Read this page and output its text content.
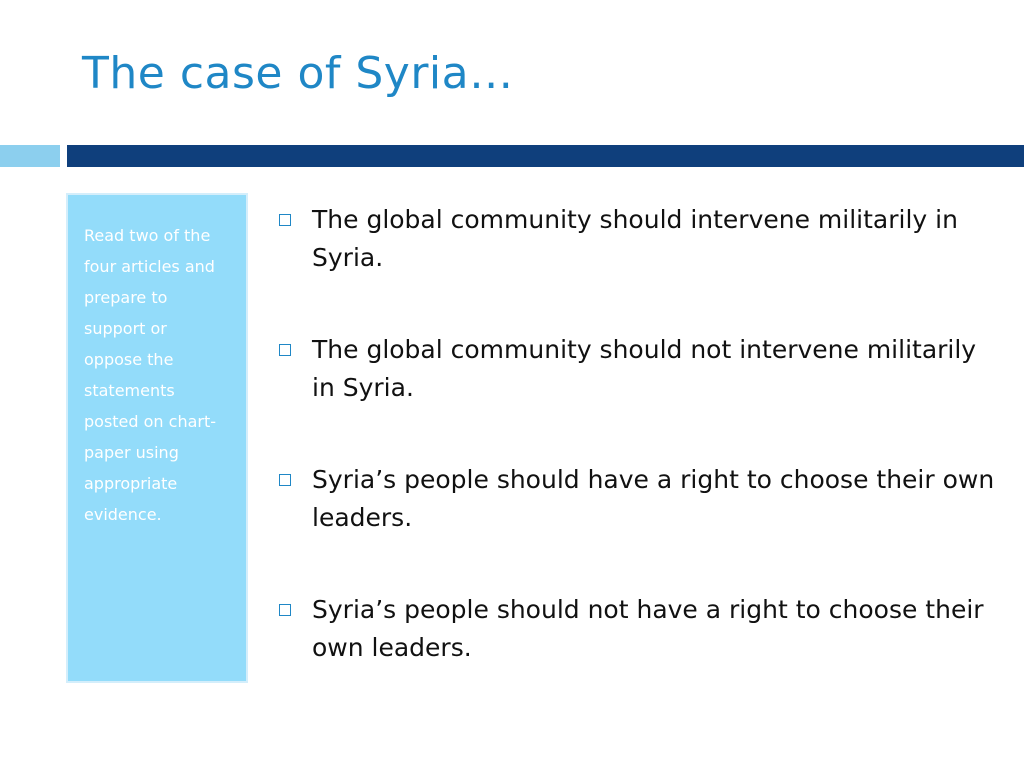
The case of Syria…
Read two of the four articles and prepare to support or oppose the statements posted on chart-paper using appropriate evidence.
The global community should intervene militarily in Syria.
The global community should not intervene militarily in Syria.
Syria’s people should have a right to choose their own leaders.
Syria’s people should not have a right to choose their own leaders.
